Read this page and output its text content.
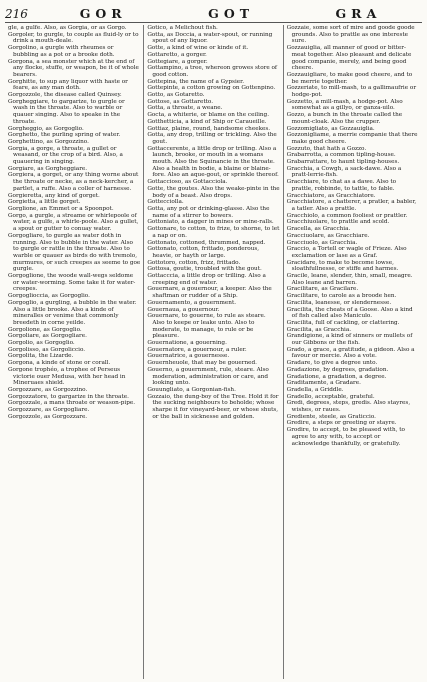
216	GOR	GOT	GRA

gle, a gulfe. Also, as Gorgia, or as Gorgo.

Gorgoler, to gurgle, to couple as fluid-ly or to drink a mouth-deale.

Gorgolino, a gurgle with rheumes or bubbling as a pot or a brooke doth.

Gorgona, a sea monster which at the end of any flocke, stuffe, or weapon, be it of whole bearers.

Gorghitte, to sup any liquor with haste or feare, as any man doth.

Gorgozzole, the disease called Quinsey.

Gorgheggiare, to gargarize, to gurgle or wash in the throate. Also to warble or quauer singing. Also to speake in the throate.

Gorgheggio, as Gorgoglio.

Gorghetto, the purling spring of water.

Gorghettino, as Gorgozzino.

Gorgia, a gorge, a throate, a gullet or weasand, or the crop of a bird. Also, a quauering in singing.

Gorgiare, as Gorgheggiare.

Gorgiera, a gorget, or any thing worne about the throate or necke, as a neck-kercher, a partlet, a ruffe. Also a coller of harnesse.

Gorgieretta, any kind of gorget.

Gorgietta, a little gorget.

Gorglione, an Emmet or a Spoonpot.

Gorgo, a gurgle, a streame or whirlepoole of water, a gulfe, a whirle-poole. Also a gullet, a spout or gutter to conuay water.

Gorgogliare, to gurgle as water doth in running. Also to bubble in the water. Also to gurgle or rattle in the throate. Also to warble or quauer as birds do with tremolo, murmures, or such creepes as seeme to goe gurgle.

Gorgoglione, the woode wall-wegs seldome or water-worming. Some take it for water-creepes.

Gorgoglioccia, as Gorgoglio.

Gorgoglio, a gurgling, a bubble in the water. Also a little brooke. Also a kinde of mineralles or venime that commonly breedeth in corne yeilde.

Gorgolione, as Gorgoglio.

Gorgoliare, as Gorgogliare.

Gorgolio, as Gorgoglio.

Gorgolisso, as Gorgoliccio.

Gorgolita, the Lizarde.

Gorgona, a kinde of stone or corall.

Gorgone trophéo, a trophee of Perseus victorie ouer Medusa, with her head in Mineruaes shield.

Gorgozzare, as Gorgozzino.

Gorgozzatore, to gargarize in the throate.

Gorgozzale, a mans throate or weason-pipe.

Gorgozzare, as Gorgogliare.

Gorgozzole, as Gorgozzare.

Gotico, a Melichout fish.

Gotta, as Doccia, a water-spout, or running spout of any liquor.

Gotte, a kind of wine or kinde of it.

Gottaretto, a gorger.

Gottegiare, a gorger.

Gottampino, a tree, whereon growes store of good cotton.

Gottepina, the name of a Gypsier.

Gottepinte, a cotton growing on Gottenpino.

Gotto, as Gotaretto.

Gottose, as Gottaretto.

Gotta, a throate, a weane.

Gocta, a whiterie, or blame on the ceiling.

Gotthetticia, a kind of Ship or Caraueille.

Gottiaz, plaine, round, handsome cheekes.

Gotta, any drop, trilling or trickling. Also the gout.

Gottaccerente, a little drop or trilling. Also a launch, brooke, or mouth in a womans mouth. Also the Squinancie in the throate. Also a health in bodie, a blaine or blaine-fore. Also an aque-gout, or sprinkle thereof.

Gottaccioso, as Gottacciola.

Gotte, the goutes. Also the weake-pinte in the body of a beast. Also drops.

Gottecciolla.

Gotta, any pot or drinking-glasse. Also the name of a stirrer to bowers.

Gottoniato, a dagger in mines or mine-ralls.

Gottonare, to cotton, to frize, to shorne, to let a nap or on.

Gottonato, cottoned, thrummed, napped.

Gottonato, cotton, frittado, ponderous, heavie, or hayth or large.

Gottotoro, cotton, frizz, frittado.

Gottosa, goutie, troubled with the gout.

Gottacccia, a little drop or trilling. Also a creeping end of water.

Gouernare, a gouernour, a keeper. Also the shaftman or rudder of a Ship.

Gouernamento, a gouernment.

Gouernaua, a gouernour.

Gouernare, to gouerne, to rule as steare. Also to keepe or leake unto. Also to moderate, to manage, to rule or be pleasure.

Gouernatione, a gouerning.

Gouernatore, a gouernour, a ruler.

Gouernatrice, a gouernesse.

Gouernheuole, that may be gouerned.

Gouerno, a gouernment, rule, steare. Also moderation, administration or care, and looking unto.

Gouungliato, a Gorgonian-fish.

Gozzaio, the dung-boy of the Tree. Hold it for the sucking neighbours to beholde; whose sharpe it for vineyard-beer, or whose shuts, or the ball in sicknesse and golden.

Gozzaie, some sort of mire and goode goode grounds. Also to prattle as one intereste sure.

Gozzauiglia, all manner of good or bitter-meat together. Also pleasant and delicate good companie, merely, and being good cheere.

Gozzauigliare, to make good cheere, and to be merrie together.

Gozzeriate, to mill-mash, to a gallimaufrie or hodge-pot.

Gozzetto, a mill-mash, a hodge-pot. Also somewhat as a gillyo, or ganza-uilo.

Gozzo, a bunch in the throate called the mount-cloak. Also the crupper.

Gozzomigliato, as Gozzauiglia.

Gozzonigliame, a merrie companie that there make good cheere.

Gozzuto, that hath a Gozzo.

Grabarrotta, a common tipling-house.

Grabarrattare, to haunt tipling-houses.

Gracchia, a Cowgh, a sack-dawe. Also a pratt-lerrie-fish.

Gracchiare, to chat as a dawe. Also to prattle, robbinde, to tattle, to fable.

Gracchiatore, as Gracchiatore.

Gracchiatore, a chatterer, a pratler, a babler, a tatler. Also a prattle.

Gracchiolo, a common fooliest or prattler.

Gracchiuolare, to prattle and scold.

Gracella, as Gracchia.

Gracciuolare, as Gracchiare.

Gracciuolo, as Gracchia.

Graccio, a Tortell or wagle of Frieze. Also exclamation or lase as a Graf.

Gracidare, to make to become lowse, sloathfullnesse, or stiffe and harmes.

Gracile, leane, slender, thin, small, meagre. Also leane and barren.

Gracilitare, as Gracilare.

Gracilitare, to carole as a broode hen.

Gracilita, leanesse, or slendernesse.

Gracilita, the cheats of a Goose. Also a kind of fish called also Maniculo.

Gracilita, full of cackling, or clattering.

Gracilita, as Gracchia.

Grandigione, a kind of sinners or mullets of our Gibbons or the fish.

Grado, a grace, a gratitude, a gideon. Also a favour or mercie. Also a vote.

Gradare, to give a degree unto.

Gradazione, by degrees, gradation.

Gradatione, a gradation, a degree.

Graditamente, a Gradare.

Gradella, a Griddle.

Gradello, acceptable, grateful.

Gredi, degrees, steps, gredis. Also stayres, wishes, or raues.

Grediente, steele, as Graticcio.

Gredire, a steps or greeting or stayre.

Grodire, to accept, to be pleased with, to agree to any with, to accept or acknowledge thankfully, or gratefully.
